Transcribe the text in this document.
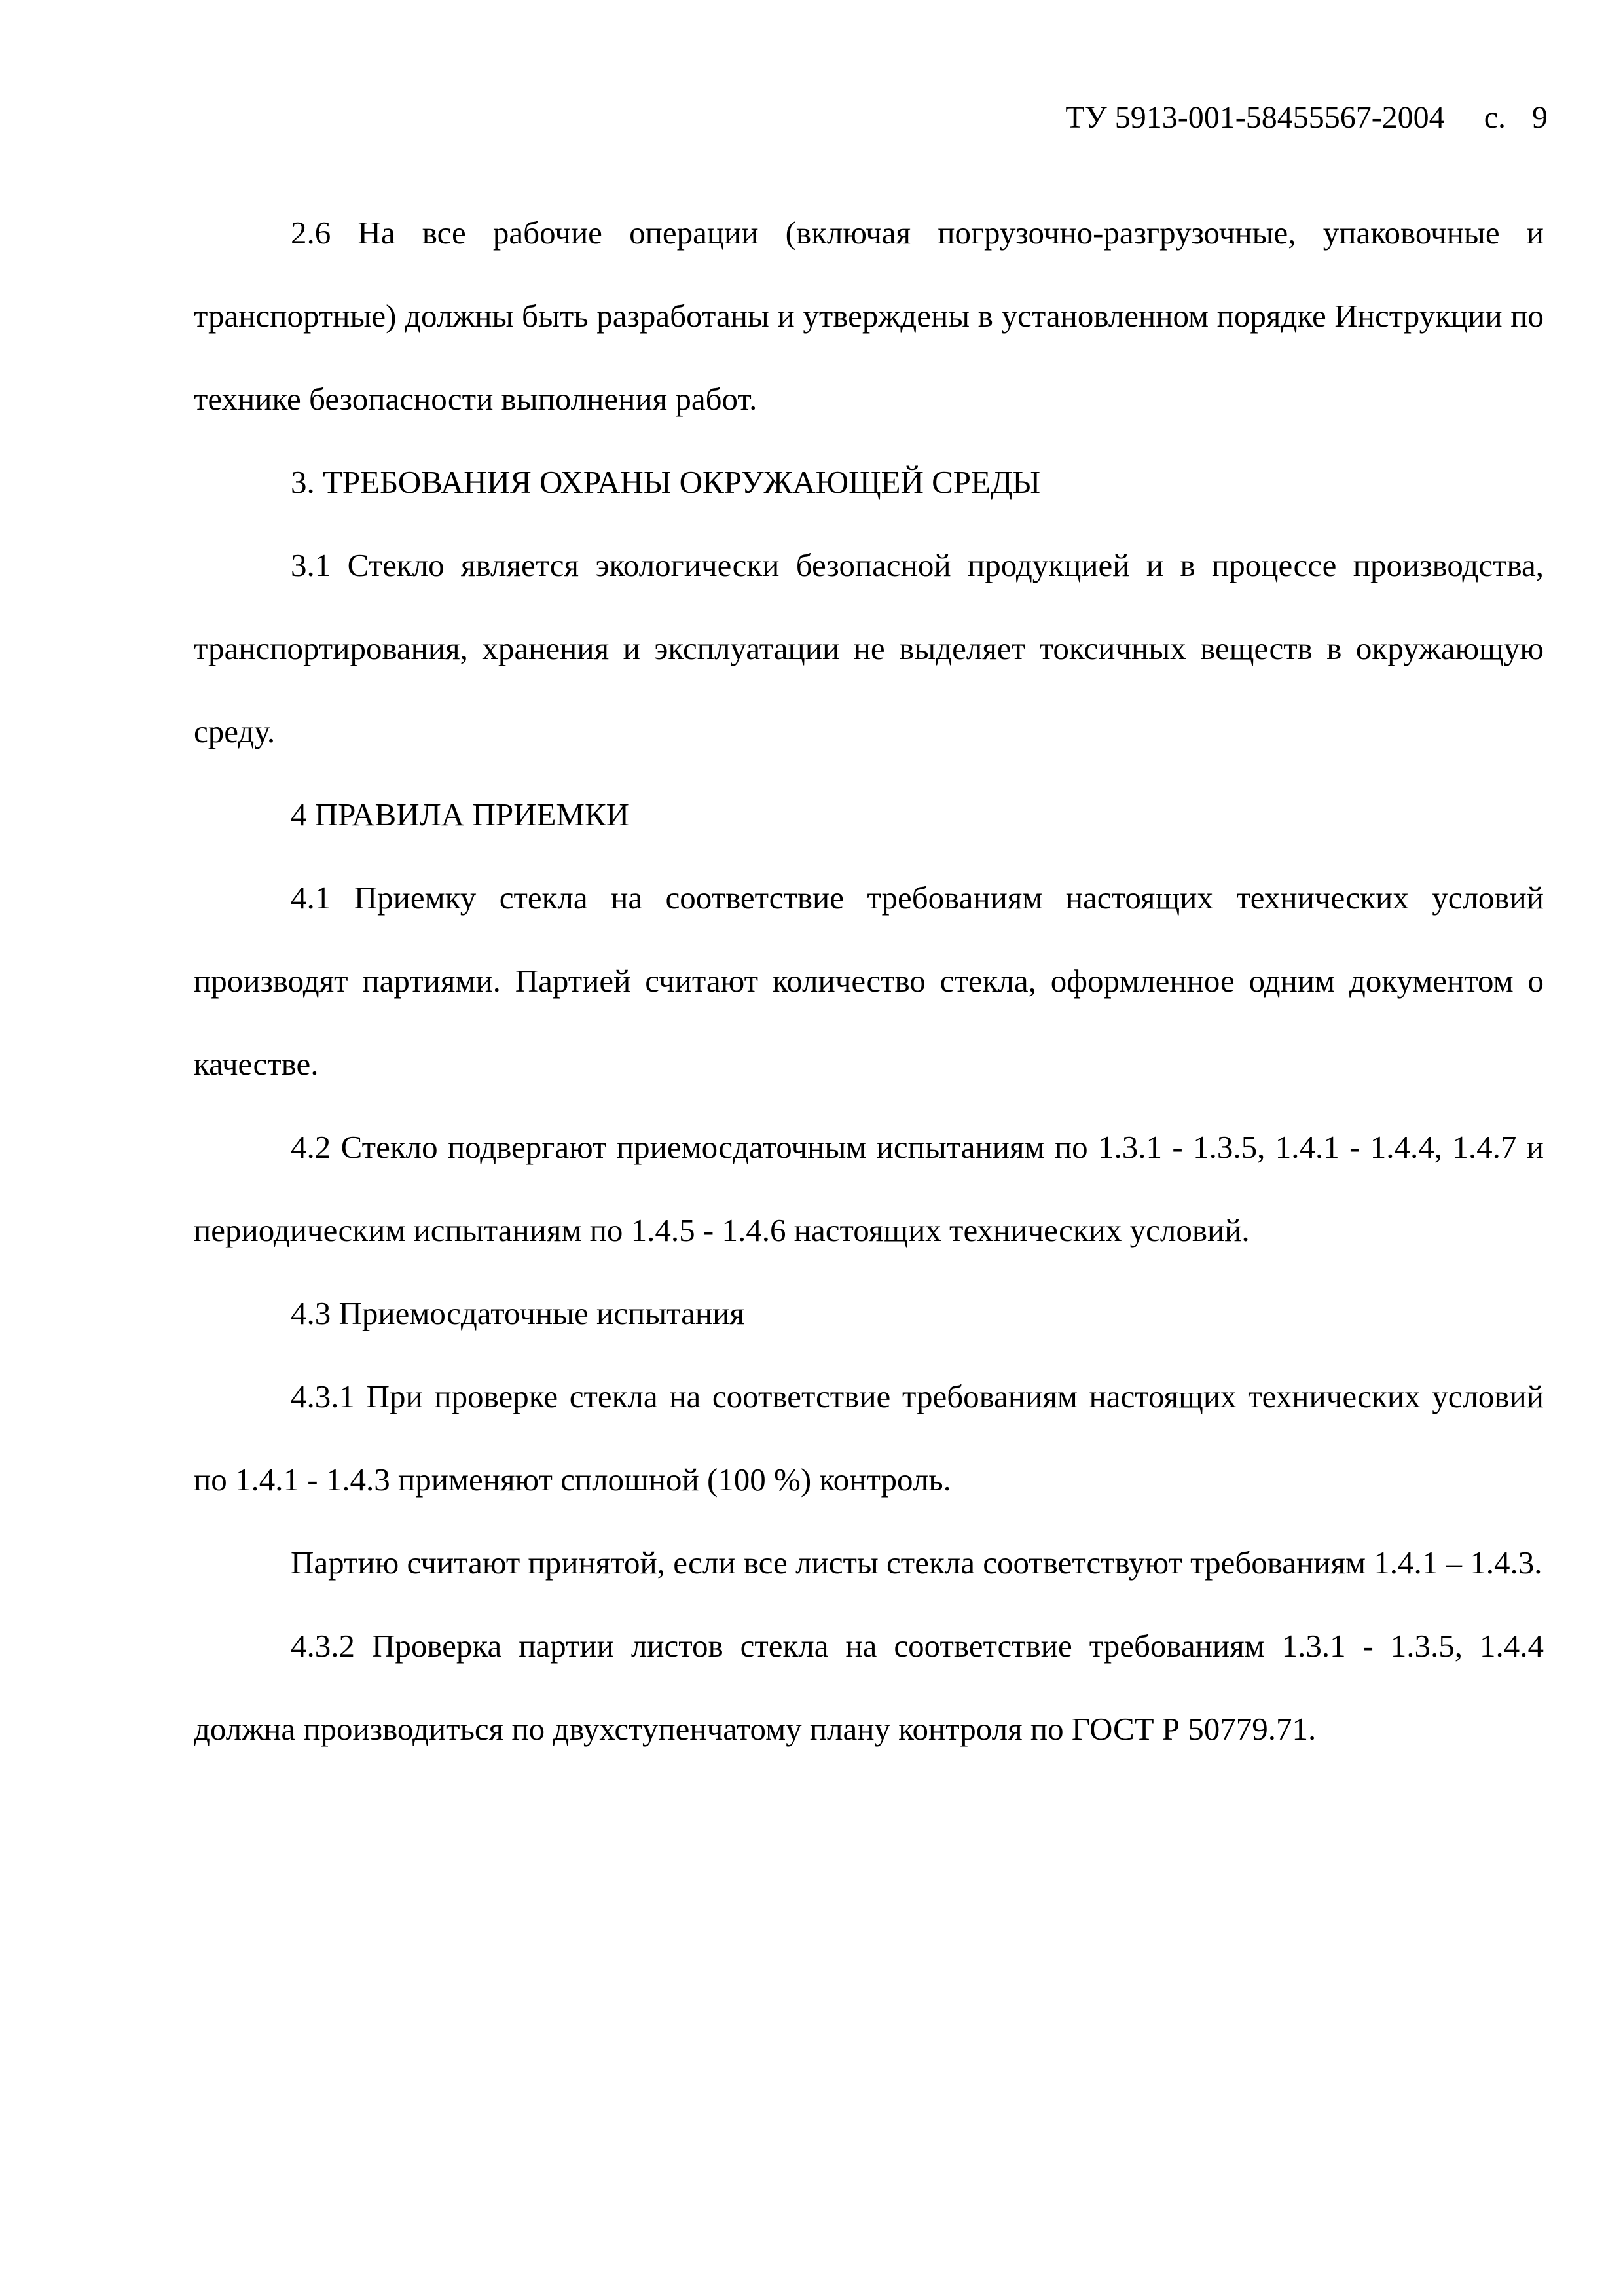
ТУ 5913-001-58455567-2004 с. 9

2.6 На все рабочие операции (включая погрузочно-разгрузочные, упаковочные и транспортные) должны быть разработаны и утверждены в установленном порядке Инструкции по технике безопасности выполнения работ.

3. ТРЕБОВАНИЯ ОХРАНЫ ОКРУЖАЮЩЕЙ СРЕДЫ

3.1 Стекло является экологически безопасной продукцией и в процессе производства, транспортирования, хранения и эксплуатации не выделяет токсичных веществ в окружающую среду.

4 ПРАВИЛА ПРИЕМКИ

4.1 Приемку стекла на соответствие требованиям настоящих технических условий производят партиями. Партией считают количество стекла, оформленное одним документом о качестве.

4.2 Стекло подвергают приемосдаточным испытаниям по 1.3.1 - 1.3.5, 1.4.1 - 1.4.4, 1.4.7 и периодическим испытаниям по 1.4.5 - 1.4.6 настоящих технических условий.

4.3 Приемосдаточные испытания

4.3.1 При проверке стекла на соответствие требованиям настоящих технических условий по 1.4.1 - 1.4.3 применяют сплошной (100 %) контроль.

Партию считают принятой, если все листы стекла соответствуют требованиям 1.4.1 – 1.4.3.

4.3.2 Проверка партии листов стекла на соответствие требованиям 1.3.1 - 1.3.5, 1.4.4 должна производиться по двухступенчатому плану контроля по ГОСТ Р 50779.71.
